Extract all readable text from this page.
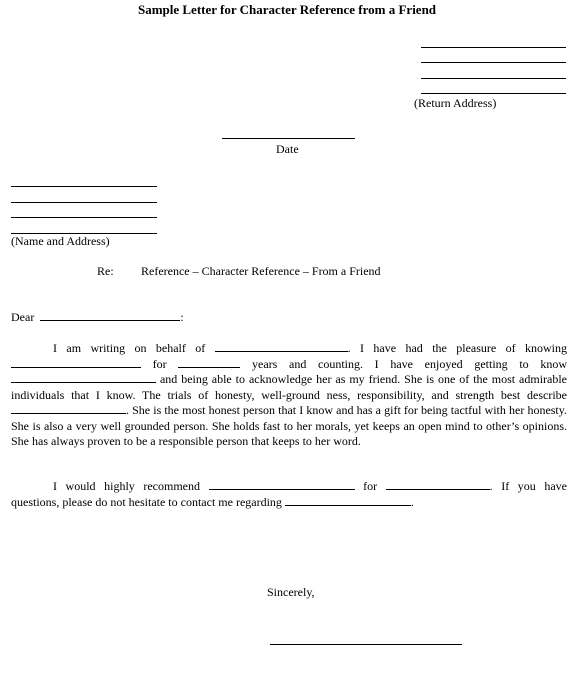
Sample Letter for Character Reference from a Friend
(Return Address)
Date
(Name and Address)
Re: Reference – Character Reference – From a Friend
Dear	:
I am writing on behalf of	. I have had the pleasure of knowing  for	years and counting. I have enjoyed getting to know  and being able to acknowledge her as my friend. She is one of the most admirable individuals that I know. The trials of honesty, well-ground ness, responsibility, and strength best describe . She is the most honest person that I know and has a gift for being tactful with her honesty. She is also a very well grounded person. She holds fast to her morals, yet keeps an open mind to other’s opinions. She has always proven to be a responsible person that keeps to her word.
I would highly recommend	for	. If you have questions, please do not hesitate to contact me regarding	.
Sincerely,
